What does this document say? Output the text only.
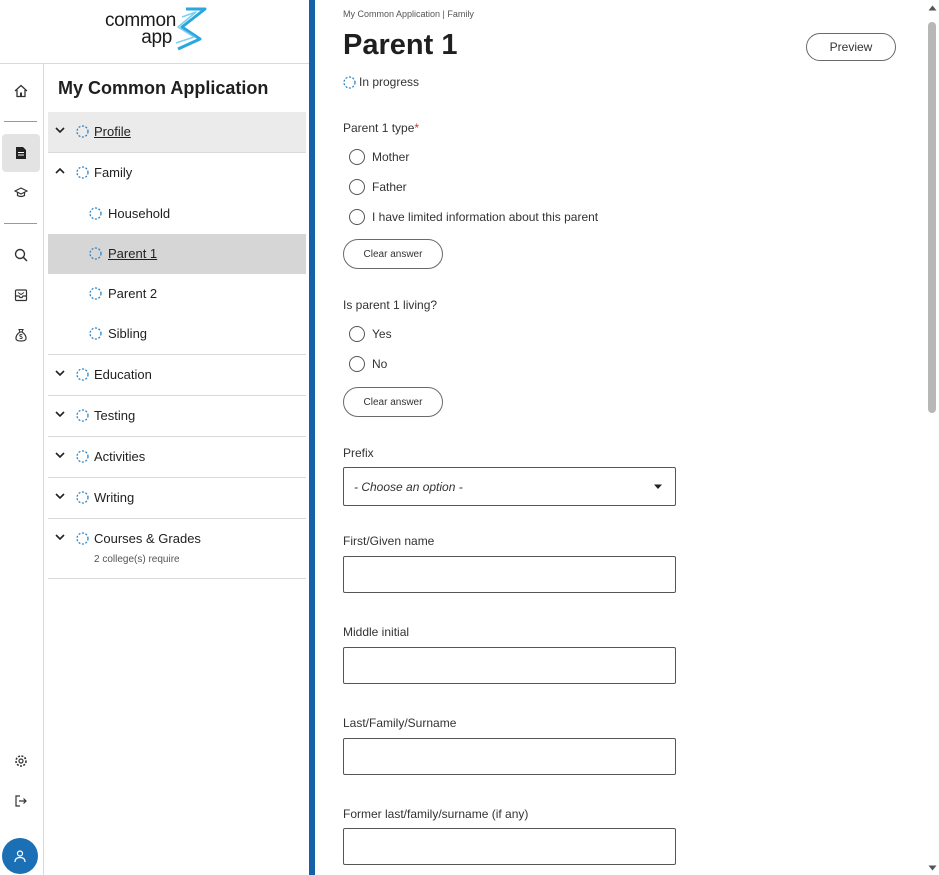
common
app
My Common Application
Profile
Family
Household
Parent 1
Parent 2
Sibling
Education
Testing
Activities
Writing
Courses & Grades
2 college(s) require
My Common Application | Family
Parent 1	Preview
In progress
Parent 1 type*
Mother
Father
I have limited information about this parent
Clear answer
Is parent 1 living?
Yes
No
Clear answer
Prefix
- Choose an option -
First/Given name
Middle initial
Last/Family/Surname
Former last/family/surname (if any)
